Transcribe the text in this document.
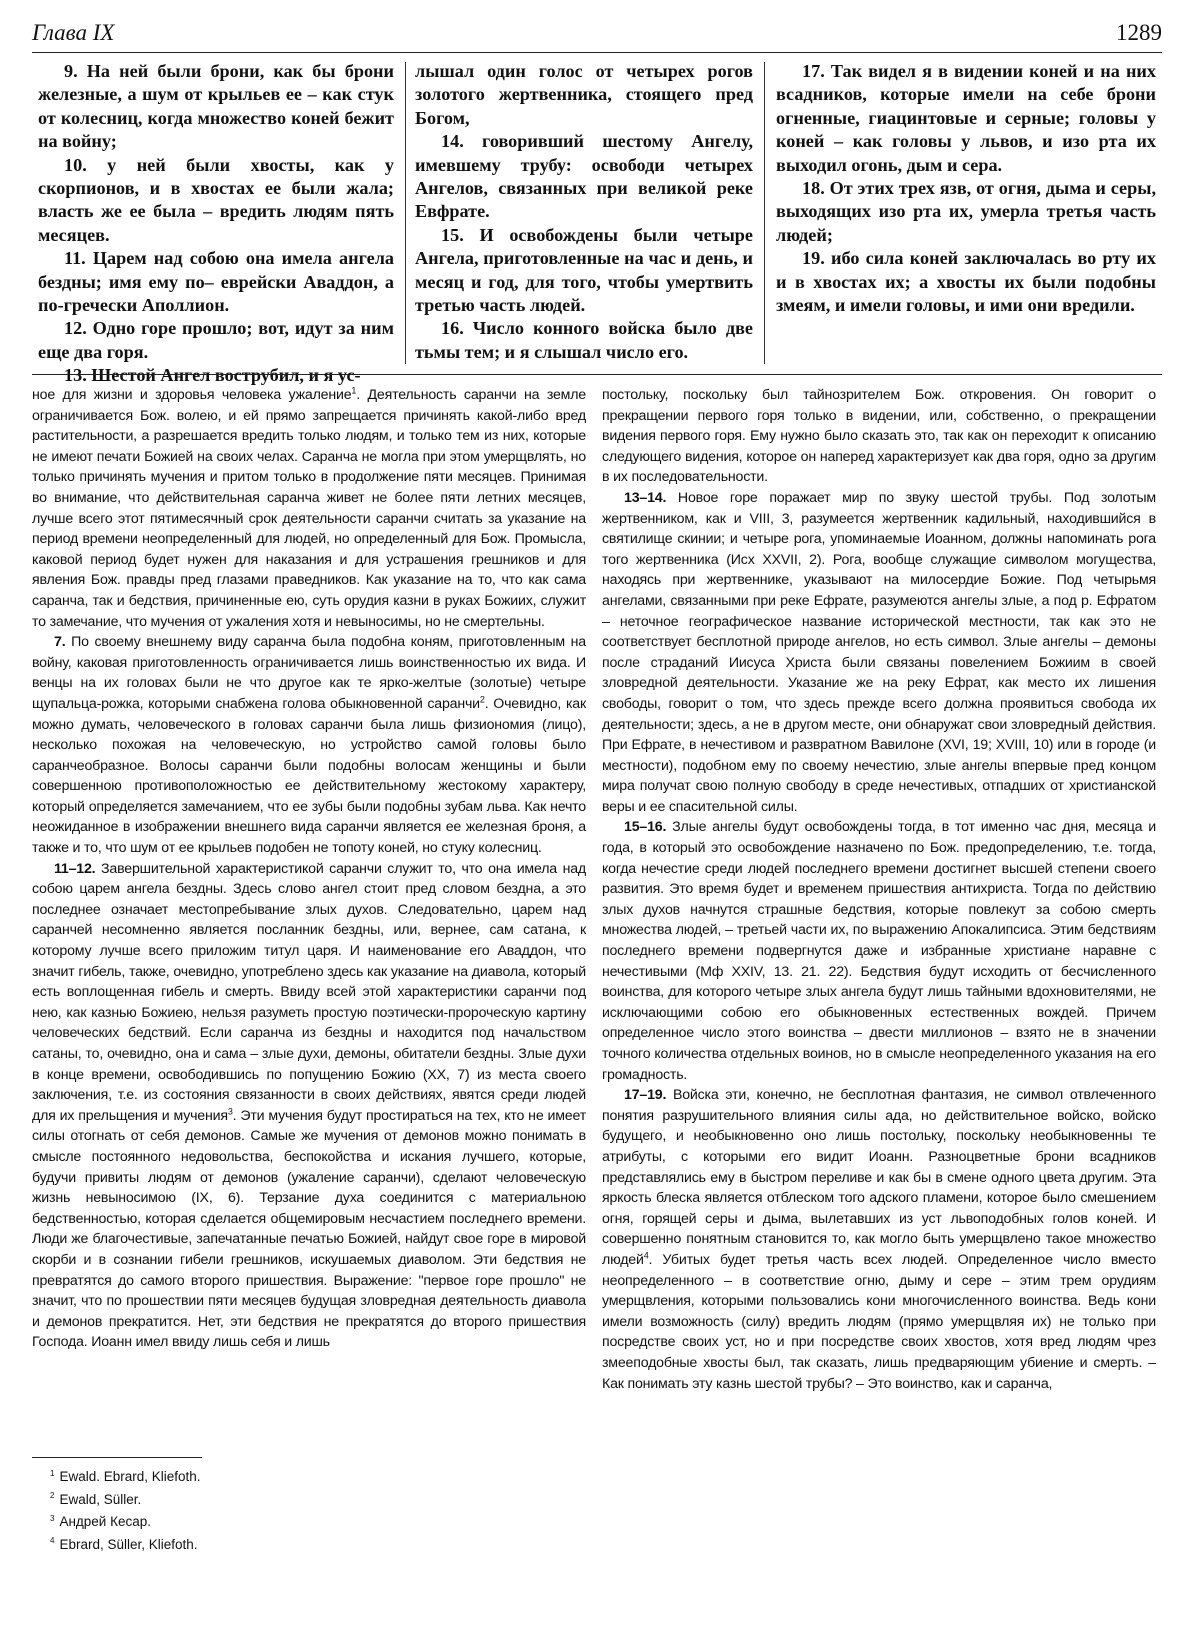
Глава IX	1289

9. На ней были брони, как бы брони железные, а шум от крыльев ее – как стук от колесниц, когда множество коней бежит на войну;

10. у ней были хвосты, как у скорпионов, и в хвостах ее были жала; власть же ее была – вредить людям пять месяцев.

11. Царем над собою она имела ангела бездны; имя ему по– еврейски Аваддон, а по-гречески Аполлион.

12. Одно горе прошло; вот, идут за ним еще два горя.

13. Шестой Ангел вострубил, и я ус-

лышал один голос от четырех рогов золотого жертвенника, стоящего пред Богом,

14. говоривший шестому Ангелу, имевшему трубу: освободи четырех Ангелов, связанных при великой реке Евфрате.

15. И освобождены были четыре Ангела, приготовленные на час и день, и месяц и год, для того, чтобы умертвить третью часть людей.

16. Число конного войска было две тьмы тем; и я слышал число его.

17. Так видел я в видении коней и на них всадников, которые имели на себе брони огненные, гиацинтовые и серные; головы у коней – как головы у львов, и изо рта их выходил огонь, дым и сера.

18. От этих трех язв, от огня, дыма и серы, выходящих изо рта их, умерла третья часть людей;

19. ибо сила коней заключалась во рту их и в хвостах их; а хвосты их были подобны змеям, и имели головы, и ими они вредили.

ное для жизни и здоровья человека ужаление$^1$. Деятельность саранчи на земле ограничивается Бож. волею, и ей прямо запрещается причинять какой-либо вред растительности, а разрешается вредить только людям, и только тем из них, которые не имеют печати Божией на своих челах. Саранча не могла при этом умерщвлять, но только причинять мучения и притом только в продолжение пяти месяцев. Принимая во внимание, что действительная саранча живет не более пяти летних месяцев, лучше всего этот пятимесячный срок деятельности саранчи считать за указание на период времени неопределенный для людей, но определенный для Бож. Промысла, каковой период будет нужен для наказания и для устрашения грешников и для явления Бож. правды пред глазами праведников. Как указание на то, что как сама саранча, так и бедствия, причиненные ею, суть орудия казни в руках Божиих, служит то замечание, что мучения от ужаления хотя и невыносимы, но не смертельны.

7. По своему внешнему виду саранча была подобна коням, приготовленным на войну, каковая приготовленность ограничивается лишь воинственностью их вида. И венцы на их головах были не что другое как те ярко-желтые (золотые) четыре щупальца-рожка, которыми снабжена голова обыкновенной саранчи$^2$. Очевидно, как можно думать, человеческого в головах саранчи была лишь физиономия (лицо), несколько похожая на человеческую, но устройство самой головы было саранчеобразное. Волосы саранчи были подобны волосам женщины и были совершенною противоположностью ее действительному жестокому характеру, который определяется замечанием, что ее зубы были подобны зубам льва. Как нечто неожиданное в изображении внешнего вида саранчи является ее железная броня, а также и то, что шум от ее крыльев подобен не топоту коней, но стуку колесниц.

11–12. Завершительной характеристикой саранчи служит то, что она имела над собою царем ангела бездны. Здесь слово ангел стоит пред словом бездна, а это последнее означает местопребывание злых духов. Следовательно, царем над саранчей несомненно является посланник бездны, или, вернее, сам сатана, к которому лучше всего приложим титул царя. И наименование его Аваддон, что значит гибель, также, очевидно, употреблено здесь как указание на диавола, который есть воплощенная гибель и смерть. Ввиду всей этой характеристики саранчи под нею, как казнью Божиею, нельзя разуметь простую поэтически-пророческую картину человеческих бедствий. Если саранча из бездны и находится под начальством сатаны, то, очевидно, она и сама – злые духи, демоны, обитатели бездны. Злые духи в конце времени, освободившись по попущению Божию (XX, 7) из места своего заключения, т.е. из состояния связанности в своих действиях, явятся среди людей для их прельщения и мучения$^3$. Эти мучения будут простираться на тех, кто не имеет силы отогнать от себя демонов. Самые же мучения от демонов можно понимать в смысле постоянного недовольства, беспокойства и искания лучшего, которые, будучи привиты людям от демонов (ужаление саранчи), сделают человеческую жизнь невыносимою (IX, 6). Терзание духа соединится с материальною бедственностью, которая сделается общемировым несчастием последнего времени. Люди же благочестивые, запечатанные печатью Божией, найдут свое горе в мировой скорби и в сознании гибели грешников, искушаемых диаволом. Эти бедствия не превратятся до самого второго пришествия. Выражение: "первое горе прошло" не значит, что по прошествии пяти месяцев будущая зловредная деятельность диавола и демонов прекратится. Нет, эти бедствия не прекратятся до второго пришествия Господа. Иоанн имел ввиду лишь себя и лишь

постольку, поскольку был тайнозрителем Бож. откровения. Он говорит о прекращении первого горя только в видении, или, собственно, о прекращении видения первого горя. Ему нужно было сказать это, так как он переходит к описанию следующего видения, которое он наперед характеризует как два горя, одно за другим в их последовательности.

13–14. Новое горе поражает мир по звуку шестой трубы. Под золотым жертвенником, как и VIII, 3, разумеется жертвенник кадильный, находившийся в святилище скинии; и четыре рога, упоминаемые Иоанном, должны напоминать рога того жертвенника (Исх XXVII, 2). Рога, вообще служащие символом могущества, находясь при жертвеннике, указывают на милосердие Божие. Под четырьмя ангелами, связанными при реке Ефрате, разумеются ангелы злые, а под р. Ефратом – неточное географическое название исторической местности, так как это не соответствует бесплотной природе ангелов, но есть символ. Злые ангелы – демоны после страданий Иисуса Христа были связаны повелением Божиим в своей зловредной деятельности. Указание же на реку Ефрат, как место их лишения свободы, говорит о том, что здесь прежде всего должна проявиться свобода их деятельности; здесь, а не в другом месте, они обнаружат свои зловредный действия. При Ефрате, в нечестивом и развратном Вавилоне (XVI, 19; XVIII, 10) или в городе (и местности), подобном ему по своему нечестию, злые ангелы впервые пред концом мира получат свою полную свободу в среде нечестивых, отпадших от христианской веры и ее спасительной силы.

15–16. Злые ангелы будут освобождены тогда, в тот именно час дня, месяца и года, в который это освобождение назначено по Бож. предопределению, т.е. тогда, когда нечестие среди людей последнего времени достигнет высшей степени своего развития. Это время будет и временем пришествия антихриста. Тогда по действию злых духов начнутся страшные бедствия, которые повлекут за собою смерть множества людей, – третьей части их, по выражению Апокалипсиса. Этим бедствиям последнего времени подвергнутся даже и избранные христиане наравне с нечестивыми (Мф XXIV, 13. 21. 22). Бедствия будут исходить от бесчисленного воинства, для которого четыре злых ангела будут лишь тайными вдохновителями, не исключающими собою его обыкновенных естественных вождей. Причем определенное число этого воинства – двести миллионов – взято не в значении точного количества отдельных воинов, но в смысле неопределенного указания на его громадность.

17–19. Войска эти, конечно, не бесплотная фантазия, не символ отвлеченного понятия разрушительного влияния силы ада, но действительное войско, войско будущего, и необыкновенно оно лишь постольку, поскольку необыкновенны те атрибуты, с которыми его видит Иоанн. Разноцветные брони всадников представлялись ему в быстром переливе и как бы в смене одного цвета другим. Эта яркость блеска является отблеском того адского пламени, которое было смешением огня, горящей серы и дыма, вылетавших из уст львоподобных голов коней. И совершенно понятным становится то, как могло быть умерщвлено такое множество людей$^4$. Убитых будет третья часть всех людей. Определенное число вместо неопределенного – в соответствие огню, дыму и сере – этим трем орудиям умерщвления, которыми пользовались кони многочисленного воинства. Ведь кони имели возможность (силу) вредить людям (прямо умерщвляя их) не только при посредстве своих уст, но и при посредстве своих хвостов, хотя вред людям чрез змееподобные хвосты был, так сказать, лишь предваряющим убиение и смерть. – Как понимать эту казнь шестой трубы? – Это воинство, как и саранча,

$^1$ Ewald. Ebrard, Kliefoth.
$^2$ Ewald, Süller.
$^3$ Андрей Кесар.
$^4$ Ebrard, Süller, Kliefoth.
